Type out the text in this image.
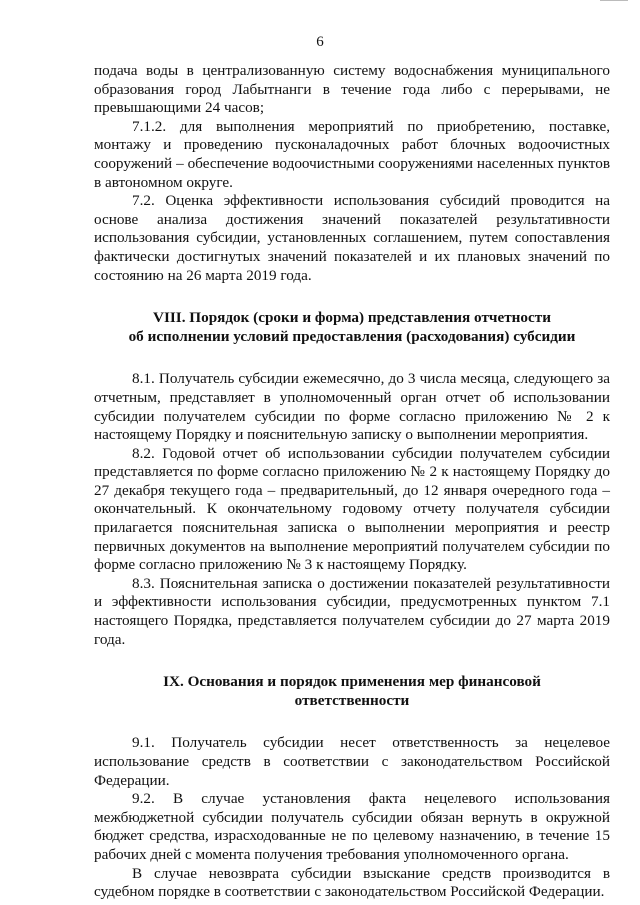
6

подача воды в централизованную систему водоснабжения муниципального образования город Лабытнанги в течение года либо с перерывами, не превышающими 24 часов;

7.1.2. для выполнения мероприятий по приобретению, поставке, монтажу и проведению пусконаладочных работ блочных водоочистных сооружений – обеспечение водоочистными сооружениями населенных пунктов в автономном округе.

7.2. Оценка эффективности использования субсидий проводится на основе анализа достижения значений показателей результативности использования субсидии, установленных соглашением, путем сопоставления фактически достигнутых значений показателей и их плановых значений по состоянию на 26 марта 2019 года.

VIII. Порядок (сроки и форма) представления отчетности
об исполнении условий предоставления (расходования) субсидии

8.1. Получатель субсидии ежемесячно, до 3 числа месяца, следующего за отчетным, представляет в уполномоченный орган отчет об использовании субсидии получателем субсидии по форме согласно приложению № 2 к настоящему Порядку и пояснительную записку о выполнении мероприятия.

8.2. Годовой отчет об использовании субсидии получателем субсидии представляется по форме согласно приложению № 2 к настоящему Порядку до 27 декабря текущего года – предварительный, до 12 января очередного года – окончательный. К окончательному годовому отчету получателя субсидии прилагается пояснительная записка о выполнении мероприятия и реестр первичных документов на выполнение мероприятий получателем субсидии по форме согласно приложению № 3 к настоящему Порядку.

8.3. Пояснительная записка о достижении показателей результативности и эффективности использования субсидии, предусмотренных пунктом 7.1 настоящего Порядка, представляется получателем субсидии до 27 марта 2019 года.

IX. Основания и порядок применения мер финансовой
ответственности

9.1. Получатель субсидии несет ответственность за нецелевое использование средств в соответствии с законодательством Российской Федерации.

9.2. В случае установления факта нецелевого использования межбюджетной субсидии получатель субсидии обязан вернуть в окружной бюджет средства, израсходованные не по целевому назначению, в течение 15 рабочих дней с момента получения требования уполномоченного органа.

В случае невозврата субсидии взыскание средств производится в судебном порядке в соответствии с законодательством Российской Федерации.
